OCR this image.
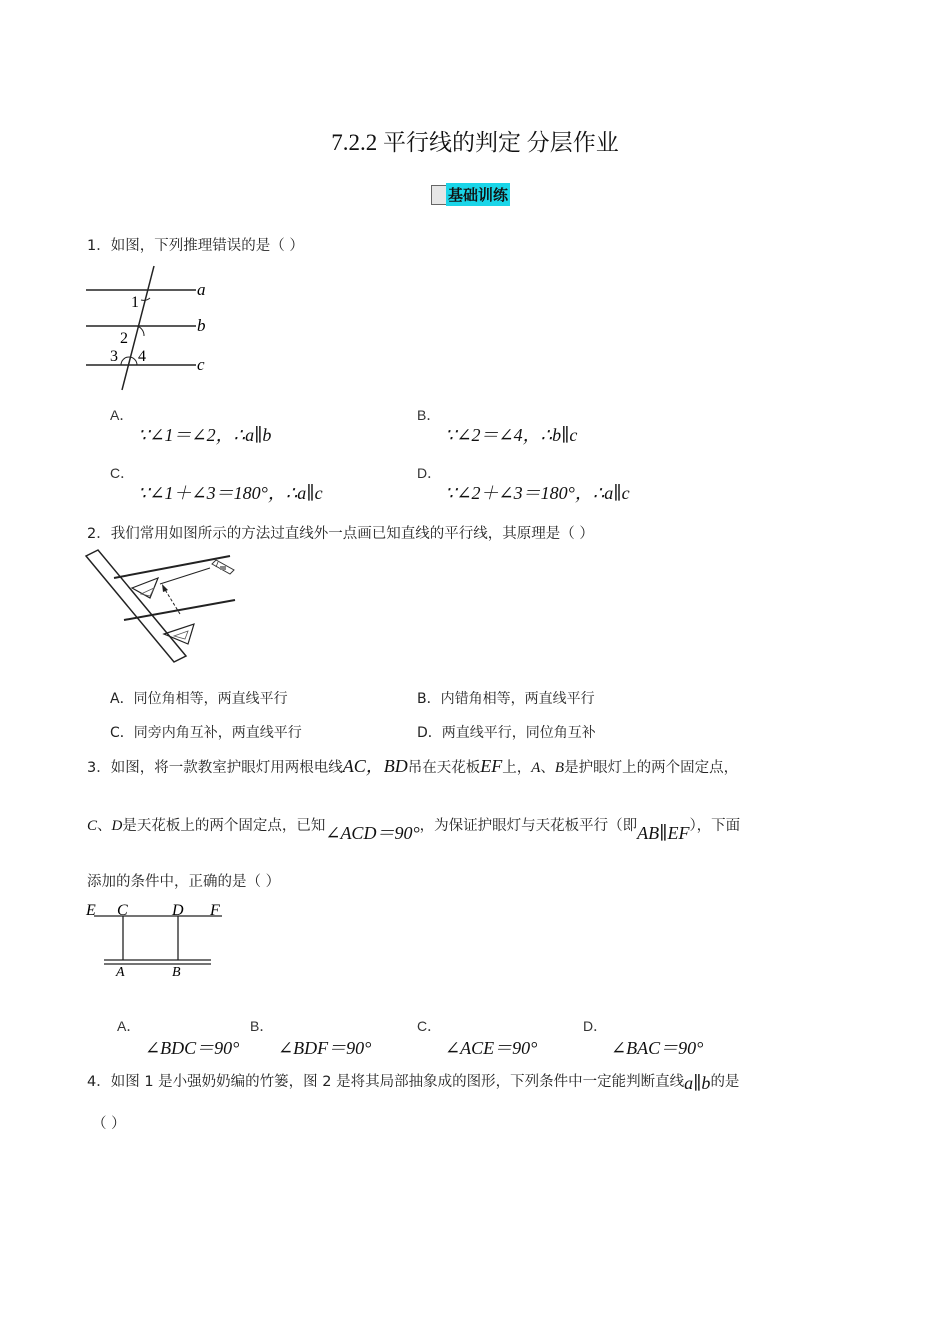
7.2.2 平行线的判定 分层作业
基础训练
1．如图，下列推理错误的是（ ）
a
b
c
1
2
3 4
A．
∵∠1＝∠2，∴a∥b
B．
∵∠2＝∠4，∴b∥c
C．
∵∠1＋∠3＝180°，∴a∥c
D．
∵∠2＋∠3＝180°，∴a∥c
2．我们常用如图所示的方法过直线外一点画已知直线的平行线，其原理是（ ）
A．同位角相等，两直线平行	B．内错角相等，两直线平行
C．同旁内角互补，两直线平行	D．两直线平行，同位角互补
3．如图，将一款教室护眼灯用两根电线AC，BD吊在天花板EF上，A、B是护眼灯上的两个固定点，
C、D是天花板上的两个固定点，已知∠ACD＝90°，为保证护眼灯与天花板平行（即AB∥EF），下面
添加的条件中，正确的是（ ）
E C	D F
A	B
A．
∠BDC＝90°
B．
∠BDF＝90°
C．
∠ACE＝90°
D．
∠BAC＝90°
4．如图 1 是小强奶奶编的竹篓，图 2 是将其局部抽象成的图形，下列条件中一定能判断直线a∥b的是
（ ）
